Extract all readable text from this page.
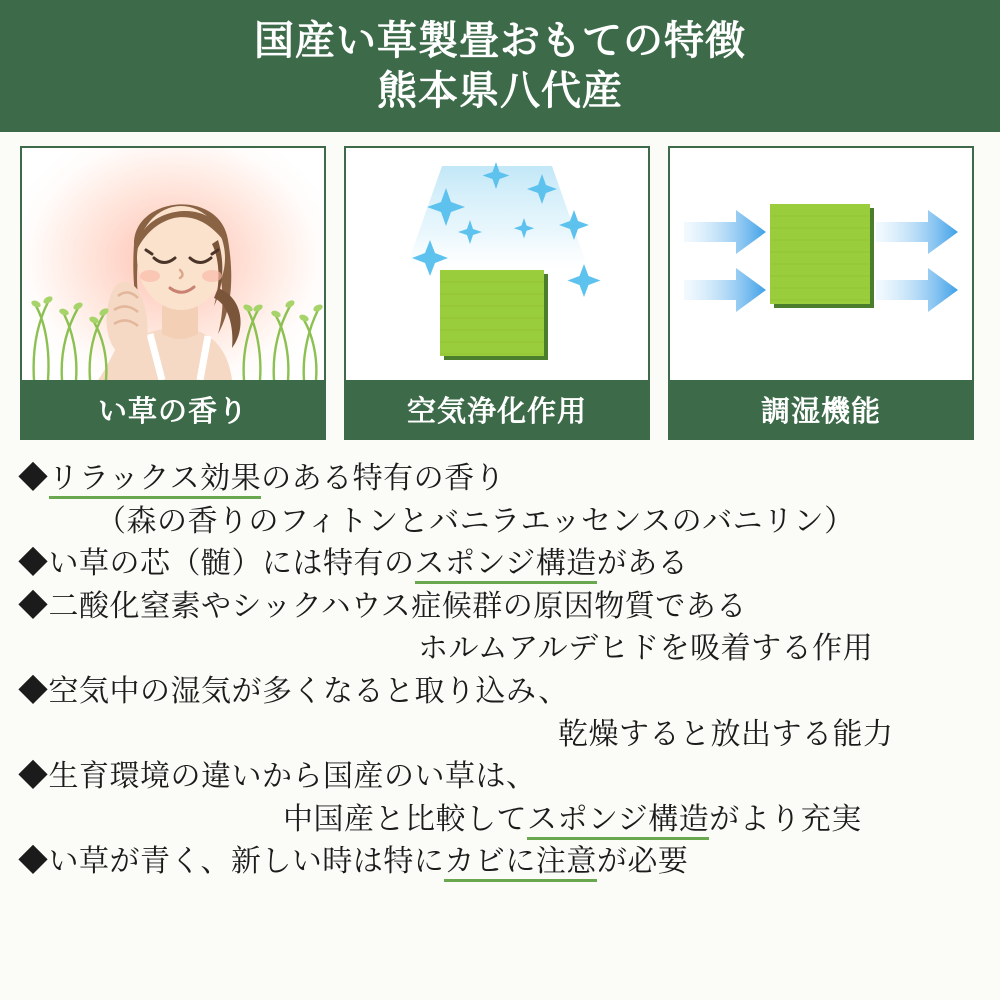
国産い草製畳おもての特徴
熊本県八代産
い草の香り	空気浄化作用	調湿機能
◆リラックス効果のある特有の香り
（森の香りのフィトンとバニラエッセンスのバニリン）
◆い草の芯（髄）には特有のスポンジ構造がある
◆二酸化窒素やシックハウス症候群の原因物質である
ホルムアルデヒドを吸着する作用
◆空気中の湿気が多くなると取り込み、
乾燥すると放出する能力
◆生育環境の違いから国産のい草は、
中国産と比較してスポンジ構造がより充実
◆い草が青く、新しい時は特にカビに注意が必要
